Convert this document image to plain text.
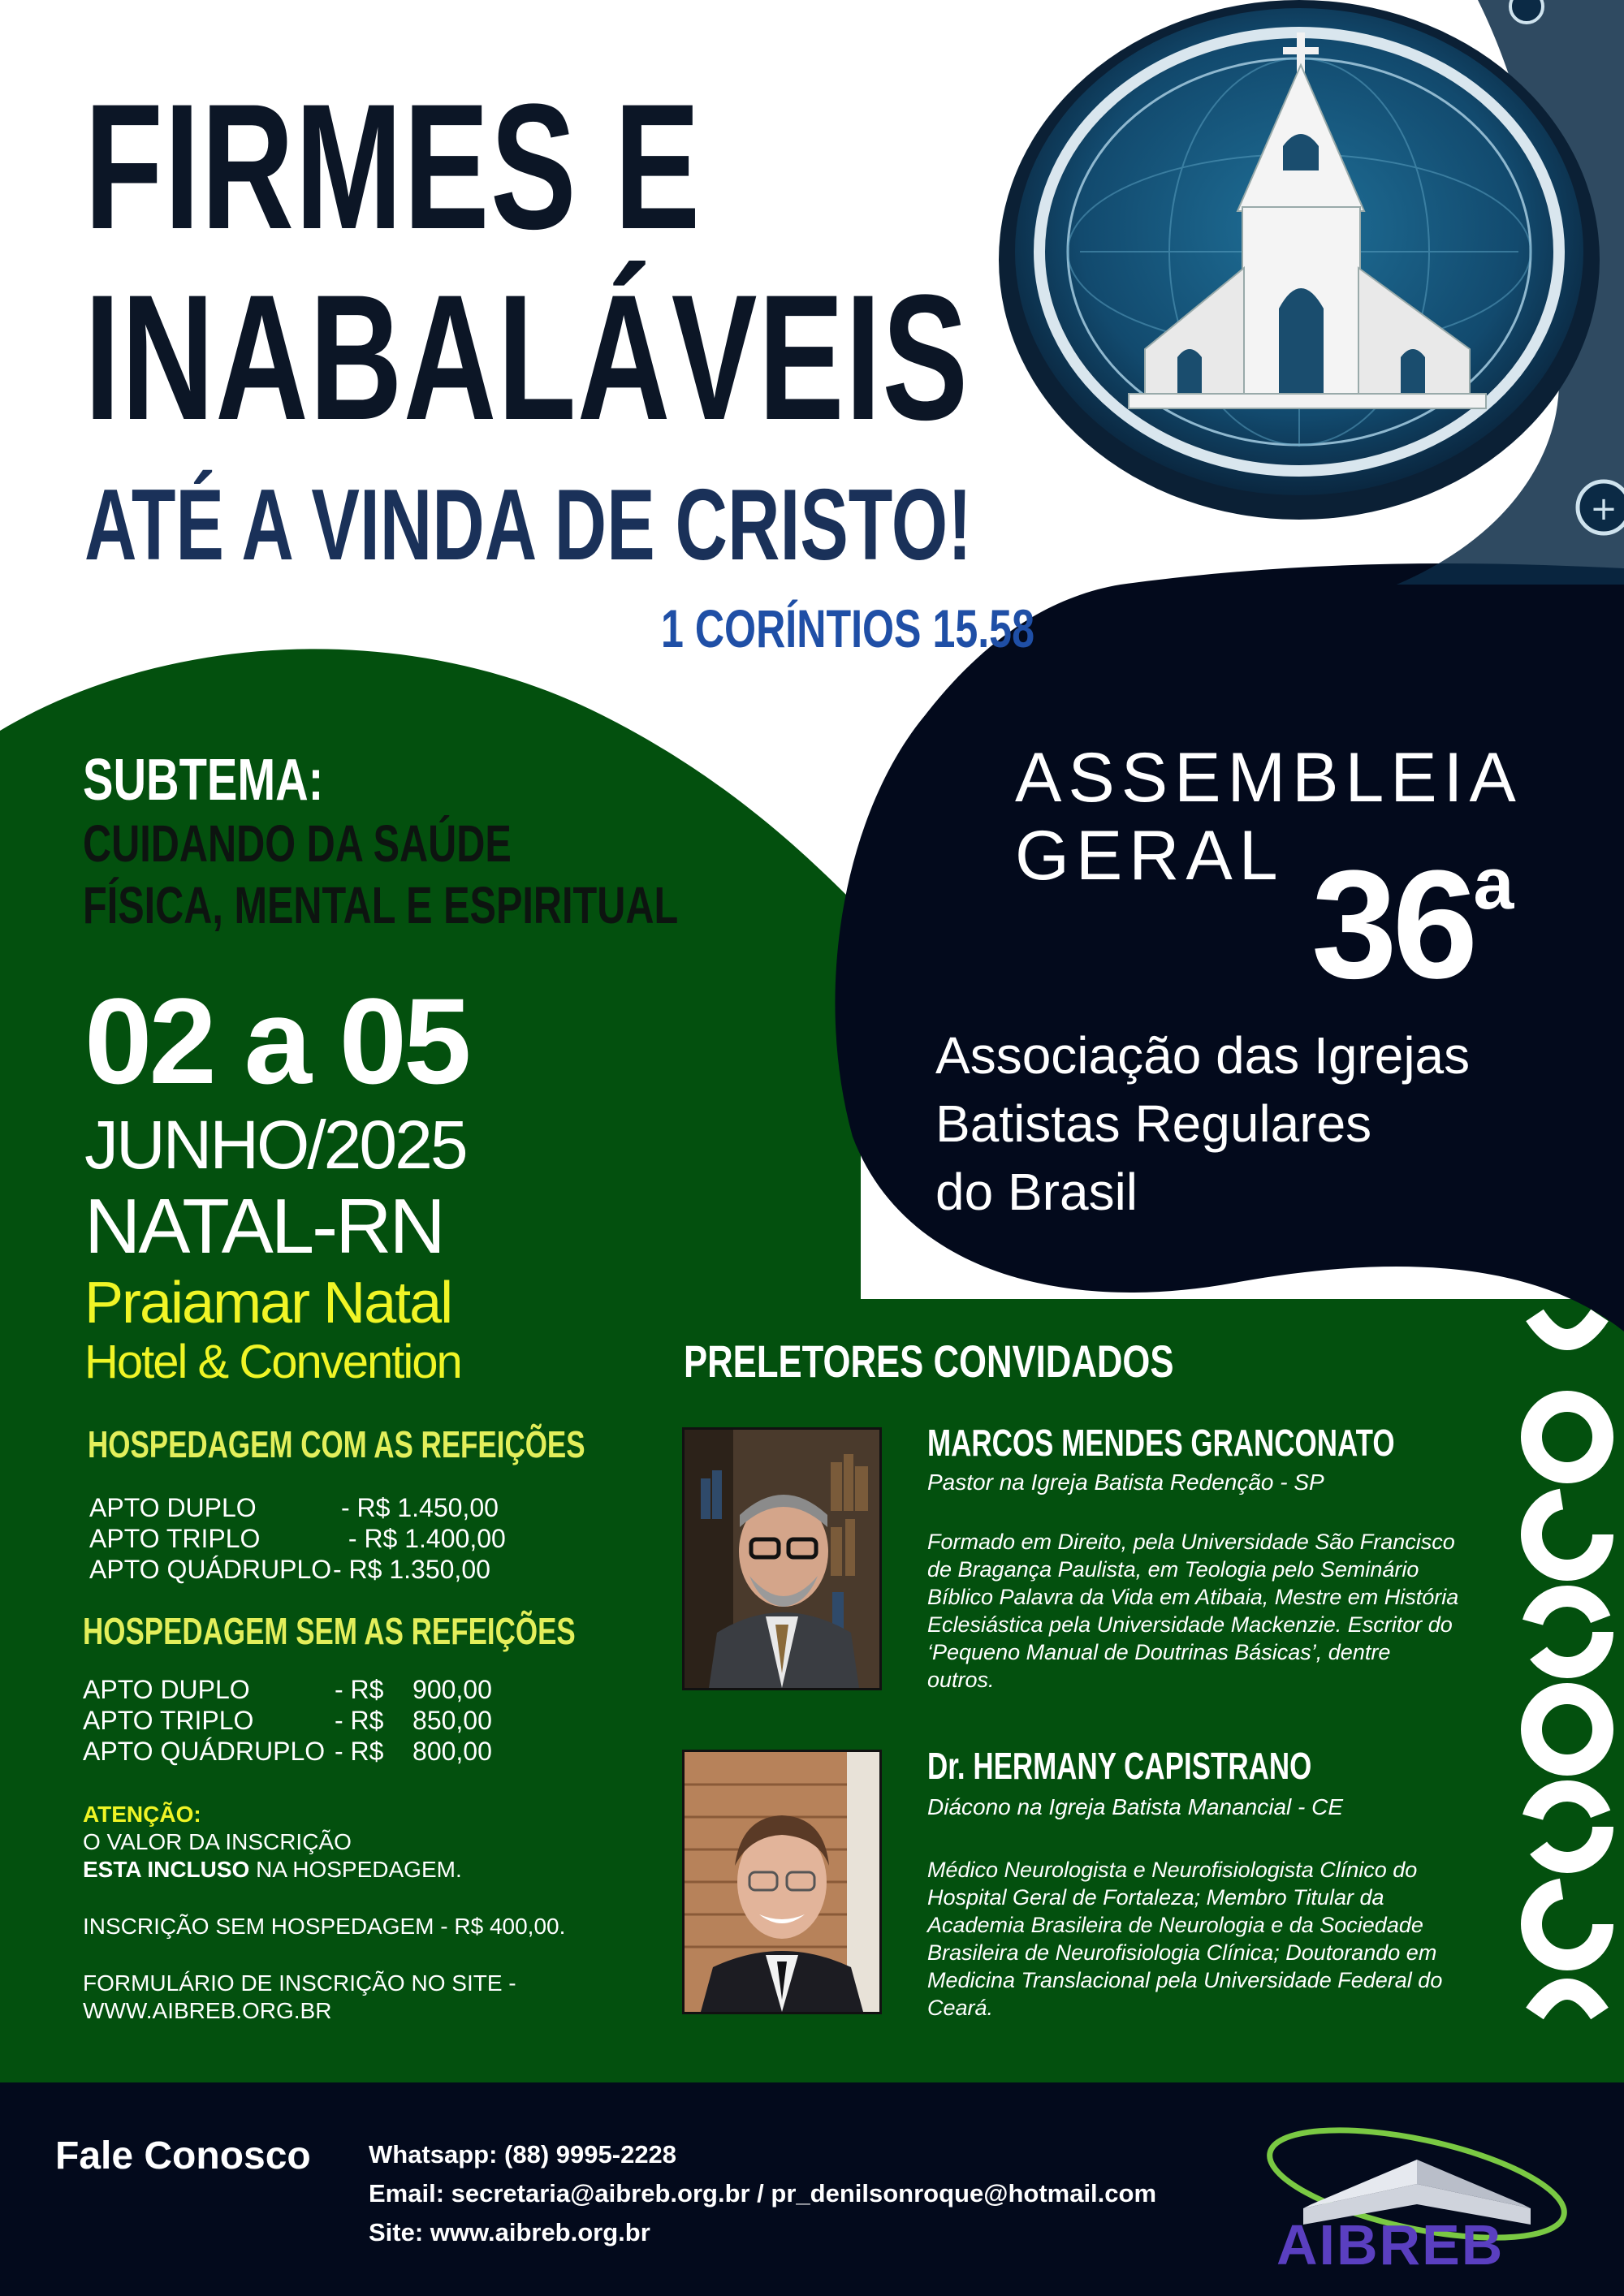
+
FIRMES E
INABALÁVEIS
ATÉ A VINDA DE CRISTO!
1 CORÍNTIOS 15.58
SUBTEMA:
CUIDANDO DA SAÚDE
FÍSICA, MENTAL E ESPIRITUAL
02 a 05
JUNHO/2025
NATAL-RN
Praiamar Natal
Hotel & Convention
HOSPEDAGEM COM AS REFEIÇÕES
APTO DUPLO	- R$ 1.450,00
APTO TRIPLO	- R$ 1.400,00
APTO QUÁDRUPLO - R$ 1.350,00
HOSPEDAGEM SEM AS REFEIÇÕES
APTO DUPLO	- R$    900,00
APTO TRIPLO	- R$    850,00
APTO QUÁDRUPLO - R$    800,00
ATENÇÃO:
O VALOR DA INSCRIÇÃO
ESTA INCLUSO NA HOSPEDAGEM.
INSCRIÇÃO SEM HOSPEDAGEM - R$ 400,00.
FORMULÁRIO DE INSCRIÇÃO NO SITE -
WWW.AIBREB.ORG.BR
ASSEMBLEIA
GERAL 36$^a$
Associação das Igrejas
Batistas Regulares
do Brasil
PRELETORES CONVIDADOS
MARCOS MENDES GRANCONATO
Pastor na Igreja Batista Redenção - SP
Formado em Direito, pela Universidade São Francisco de Bragança Paulista, em Teologia pelo Seminário Bíblico Palavra da Vida em Atibaia, Mestre em História Eclesiástica pela Universidade Mackenzie. Escritor do ‘Pequeno Manual de Doutrinas Básicas’, dentre outros.
Dr. HERMANY CAPISTRANO
Diácono na Igreja Batista Manancial - CE
Médico Neurologista e Neurofisiologista Clínico do Hospital Geral de Fortaleza; Membro Titular da Academia Brasileira de Neurologia e da Sociedade Brasileira de Neurofisiologia Clínica; Doutorando em Medicina Translacional pela Universidade Federal do Ceará.
Fale Conosco Whatsapp: (88) 9995-2228
Email: secretaria@aibreb.org.br / pr_denilsonroque@hotmail.com
Site: www.aibreb.org.br	AIBREB
